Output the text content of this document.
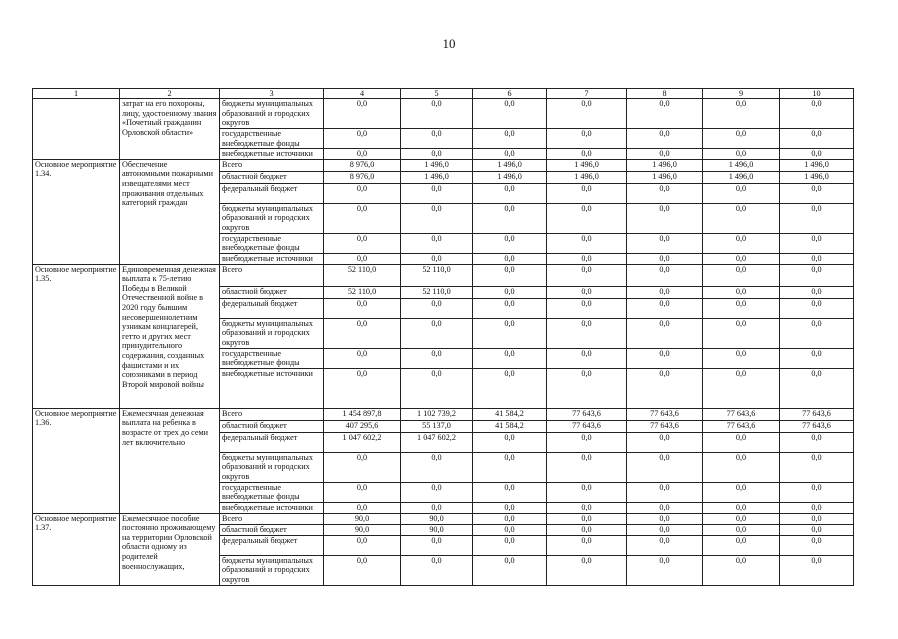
10
1	2	3	4	5	6	7	8	9	10
	затрат на его похороны, лицу, удостоенному звания «Почетный гражданин Орловской области»	бюджеты муниципальных образований и городских округов	0,0	0,0	0,0	0,0	0,0	0,0	0,0
		государственные внебюджетные фонды	0,0	0,0	0,0	0,0	0,0	0,0	0,0
		внебюджетные источники	0,0	0,0	0,0	0,0	0,0	0,0	0,0
Основное мероприятие 1.34.	Обеспечение автономными пожарными извещателями мест проживания отдельных категорий граждан	Всего	8 976,0	1 496,0	1 496,0	1 496,0	1 496,0	1 496,0	1 496,0
		областной бюджет	8 976,0	1 496,0	1 496,0	1 496,0	1 496,0	1 496,0	1 496,0
		федеральный бюджет	0,0	0,0	0,0	0,0	0,0	0,0	0,0
		бюджеты муниципальных образований и городских округов	0,0	0,0	0,0	0,0	0,0	0,0	0,0
		государственные внебюджетные фонды	0,0	0,0	0,0	0,0	0,0	0,0	0,0
		внебюджетные источники	0,0	0,0	0,0	0,0	0,0	0,0	0,0
Основное мероприятие 1.35.	Единовременная денежная выплата к 75-летию Победы в Великой Отечественной войне в 2020 году бывшим несовершеннолетним узникам концлагерей, гетто и других мест принудительного содержания, созданных фашистами и их союзниками в период Второй мировой войны	Всего	52 110,0	52 110,0	0,0	0,0	0,0	0,0	0,0
		областной бюджет	52 110,0	52 110,0	0,0	0,0	0,0	0,0	0,0
		федеральный бюджет	0,0	0,0	0,0	0,0	0,0	0,0	0,0
		бюджеты муниципальных образований и городских округов	0,0	0,0	0,0	0,0	0,0	0,0	0,0
		государственные внебюджетные фонды	0,0	0,0	0,0	0,0	0,0	0,0	0,0
		внебюджетные источники	0,0	0,0	0,0	0,0	0,0	0,0	0,0
Основное мероприятие 1.36.	Ежемесячная денежная выплата на ребенка в возрасте от трех до семи лет включительно	Всего	1 454 897,8	1 102 739,2	41 584,2	77 643,6	77 643,6	77 643,6	77 643,6
		областной бюджет	407 295,6	55 137,0	41 584,2	77 643,6	77 643,6	77 643,6	77 643,6
		федеральный бюджет	1 047 602,2	1 047 602,2	0,0	0,0	0,0	0,0	0,0
		бюджеты муниципальных образований и городских округов	0,0	0,0	0,0	0,0	0,0	0,0	0,0
		государственные внебюджетные фонды	0,0	0,0	0,0	0,0	0,0	0,0	0,0
		внебюджетные источники	0,0	0,0	0,0	0,0	0,0	0,0	0,0
Основное мероприятие 1.37.	Ежемесячное пособие постоянно проживающему на территории Орловской области одному из родителей военнослужащих,	Всего	90,0	90,0	0,0	0,0	0,0	0,0	0,0
		областной бюджет	90,0	90,0	0,0	0,0	0,0	0,0	0,0
		федеральный бюджет	0,0	0,0	0,0	0,0	0,0	0,0	0,0
		бюджеты муниципальных образований и городских округов	0,0	0,0	0,0	0,0	0,0	0,0	0,0
